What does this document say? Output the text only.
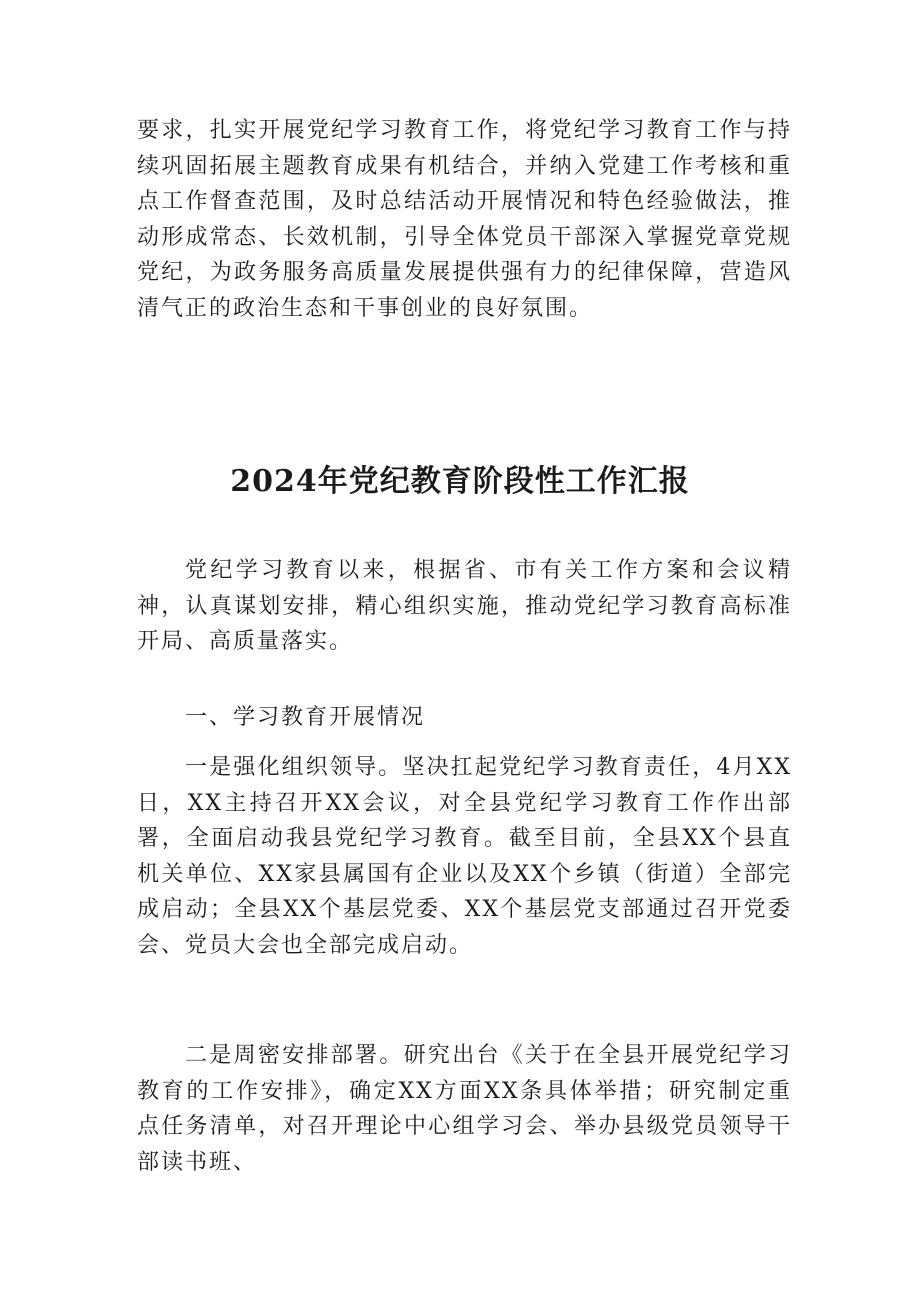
要求，扎实开展党纪学习教育工作，将党纪学习教育工作与持续巩固拓展主题教育成果有机结合，并纳入党建工作考核和重点工作督查范围，及时总结活动开展情况和特色经验做法，推动形成常态、长效机制，引导全体党员干部深入掌握党章党规党纪，为政务服务高质量发展提供强有力的纪律保障，营造风清气正的政治生态和干事创业的良好氛围。

2024年党纪教育阶段性工作汇报

党纪学习教育以来，根据省、市有关工作方案和会议精神，认真谋划安排，精心组织实施，推动党纪学习教育高标准开局、高质量落实。

一、学习教育开展情况

一是强化组织领导。坚决扛起党纪学习教育责任，4月XX日，XX主持召开XX会议，对全县党纪学习教育工作作出部署，全面启动我县党纪学习教育。截至目前，全县XX个县直机关单位、XX家县属国有企业以及XX个乡镇（街道）全部完成启动；全县XX个基层党委、XX个基层党支部通过召开党委会、党员大会也全部完成启动。

二是周密安排部署。研究出台《关于在全县开展党纪学习教育的工作安排》，确定XX方面XX条具体举措；研究制定重点任务清单，对召开理论中心组学习会、举办县级党员领导干部读书班、
